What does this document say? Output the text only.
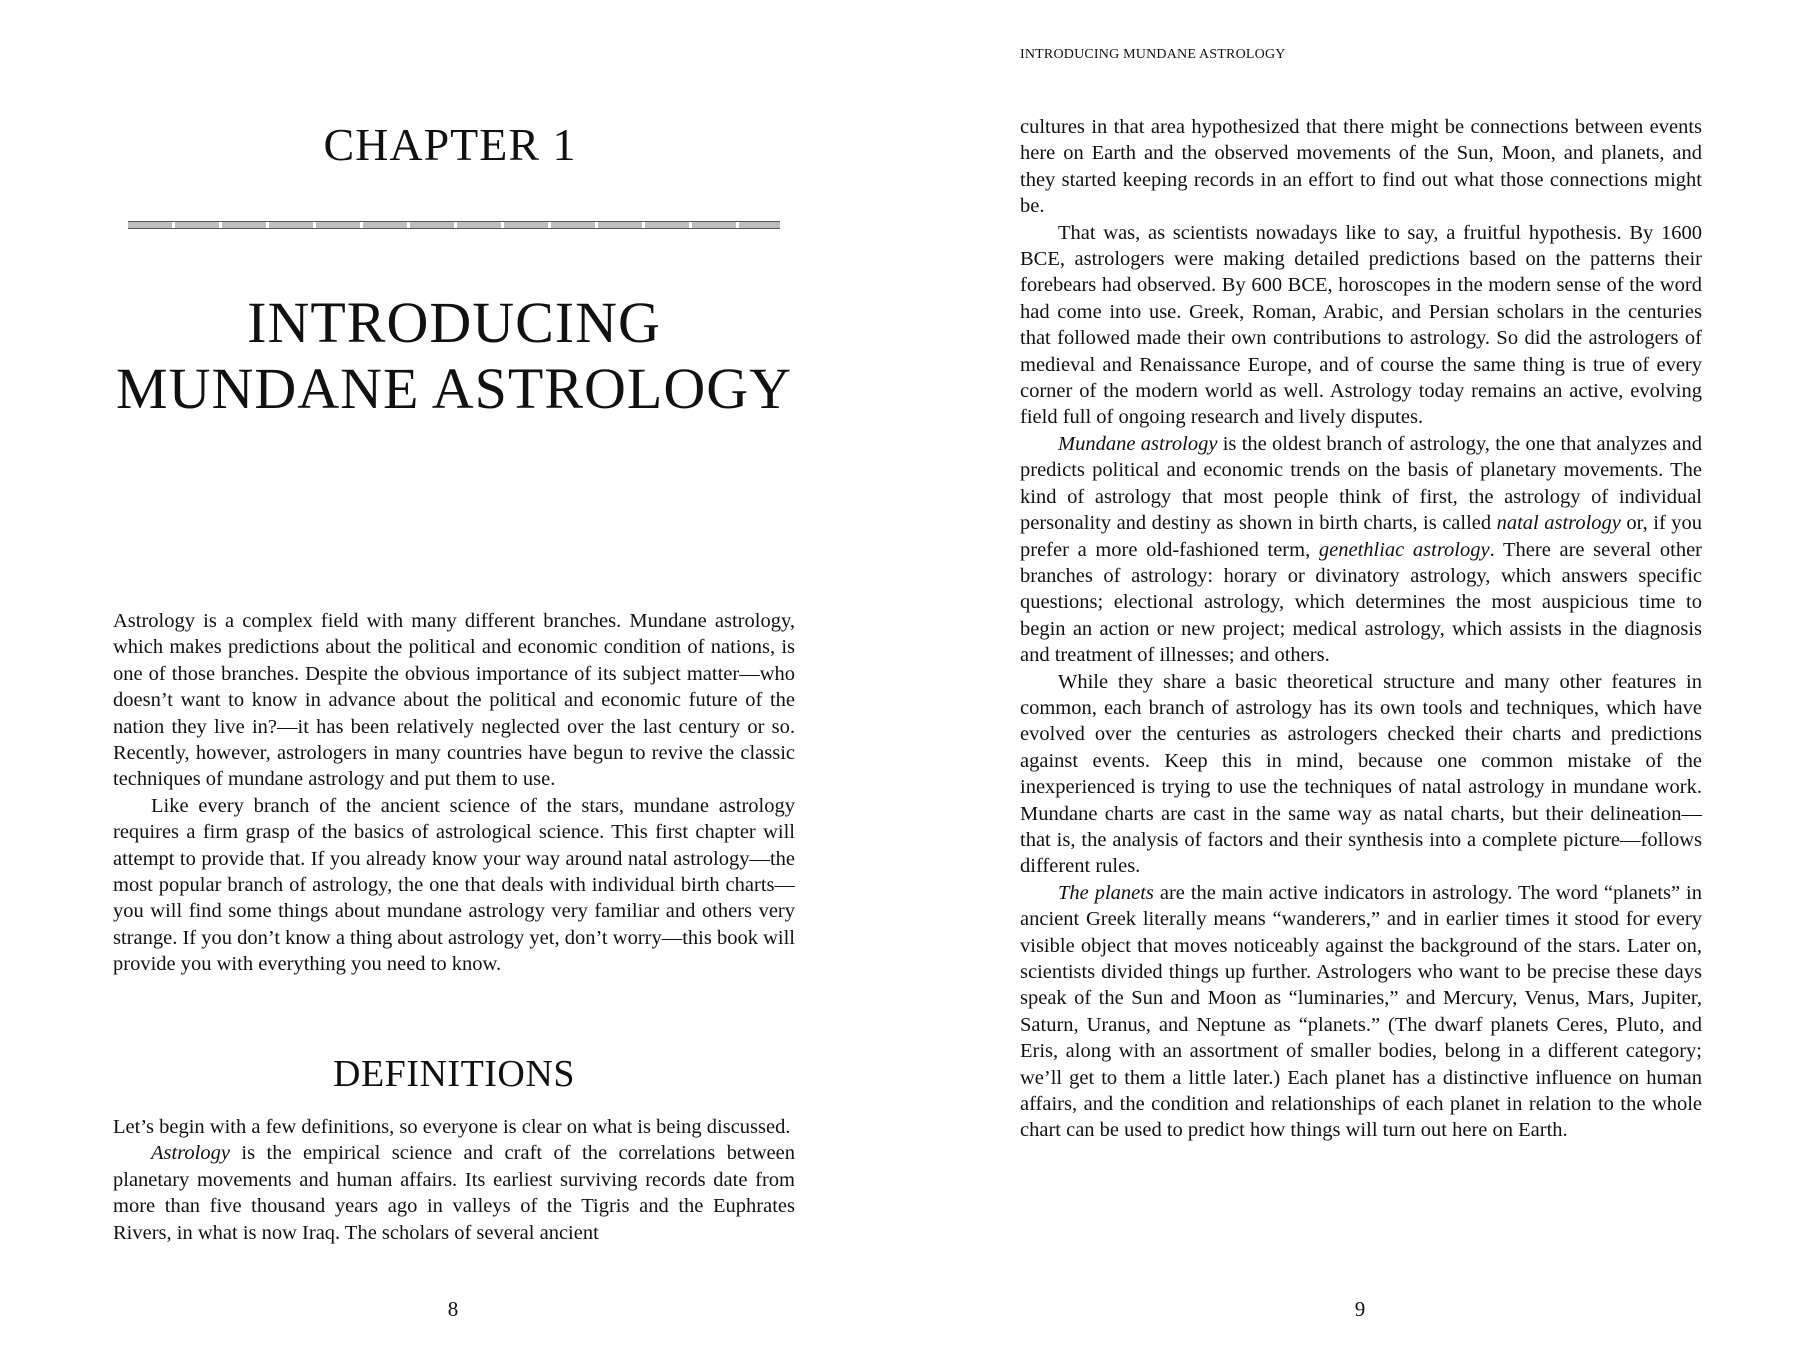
CHAPTER 1
INTRODUCING
MUNDANE ASTROLOGY

Astrology is a complex field with many different branches. Mundane astrology, which makes predictions about the political and economic condition of nations, is one of those branches. Despite the obvious importance of its subject matter—who doesn’t want to know in advance about the political and economic future of the nation they live in?—it has been relatively neglected over the last century or so. Recently, however, astrologers in many countries have begun to revive the classic techniques of mundane astrology and put them to use.

Like every branch of the ancient science of the stars, mundane astrology requires a firm grasp of the basics of astrological science. This first chapter will attempt to provide that. If you already know your way around natal astrology—the most popular branch of astrology, the one that deals with individual birth charts—you will find some things about mundane astrology very familiar and others very strange. If you don’t know a thing about astrology yet, don’t worry—this book will provide you with everything you need to know.

DEFINITIONS

Let’s begin with a few definitions, so everyone is clear on what is being discussed.

Astrology is the empirical science and craft of the correlations between planetary movements and human affairs. Its earliest surviving records date from more than five thousand years ago in valleys of the Tigris and the Euphrates Rivers, in what is now Iraq. The scholars of several ancient

8
INTRODUCING MUNDANE ASTROLOGY

cultures in that area hypothesized that there might be connections between events here on Earth and the observed movements of the Sun, Moon, and planets, and they started keeping records in an effort to find out what those connections might be.

That was, as scientists nowadays like to say, a fruitful hypothesis. By 1600 BCE, astrologers were making detailed predictions based on the patterns their forebears had observed. By 600 BCE, horoscopes in the modern sense of the word had come into use. Greek, Roman, Arabic, and Persian scholars in the centuries that followed made their own contributions to astrology. So did the astrologers of medieval and Renaissance Europe, and of course the same thing is true of every corner of the modern world as well. Astrology today remains an active, evolving field full of ongoing research and lively disputes.

Mundane astrology is the oldest branch of astrology, the one that analyzes and predicts political and economic trends on the basis of planetary movements. The kind of astrology that most people think of first, the astrology of individual personality and destiny as shown in birth charts, is called natal astrology or, if you prefer a more old-fashioned term, genethliac astrology. There are several other branches of astrology: horary or divinatory astrology, which answers specific questions; electional astrology, which determines the most auspicious time to begin an action or new project; medical astrology, which assists in the diagnosis and treatment of illnesses; and others.

While they share a basic theoretical structure and many other features in common, each branch of astrology has its own tools and techniques, which have evolved over the centuries as astrologers checked their charts and predictions against events. Keep this in mind, because one common mistake of the inexperienced is trying to use the techniques of natal astrology in mundane work. Mundane charts are cast in the same way as natal charts, but their delineation—that is, the analysis of factors and their synthesis into a complete picture—follows different rules.

The planets are the main active indicators in astrology. The word “planets” in ancient Greek literally means “wanderers,” and in earlier times it stood for every visible object that moves noticeably against the background of the stars. Later on, scientists divided things up further. Astrologers who want to be precise these days speak of the Sun and Moon as “luminaries,” and Mercury, Venus, Mars, Jupiter, Saturn, Uranus, and Neptune as “planets.” (The dwarf planets Ceres, Pluto, and Eris, along with an assortment of smaller bodies, belong in a different category; we’ll get to them a little later.) Each planet has a distinctive influence on human affairs, and the condition and relationships of each planet in relation to the whole chart can be used to predict how things will turn out here on Earth.

9
